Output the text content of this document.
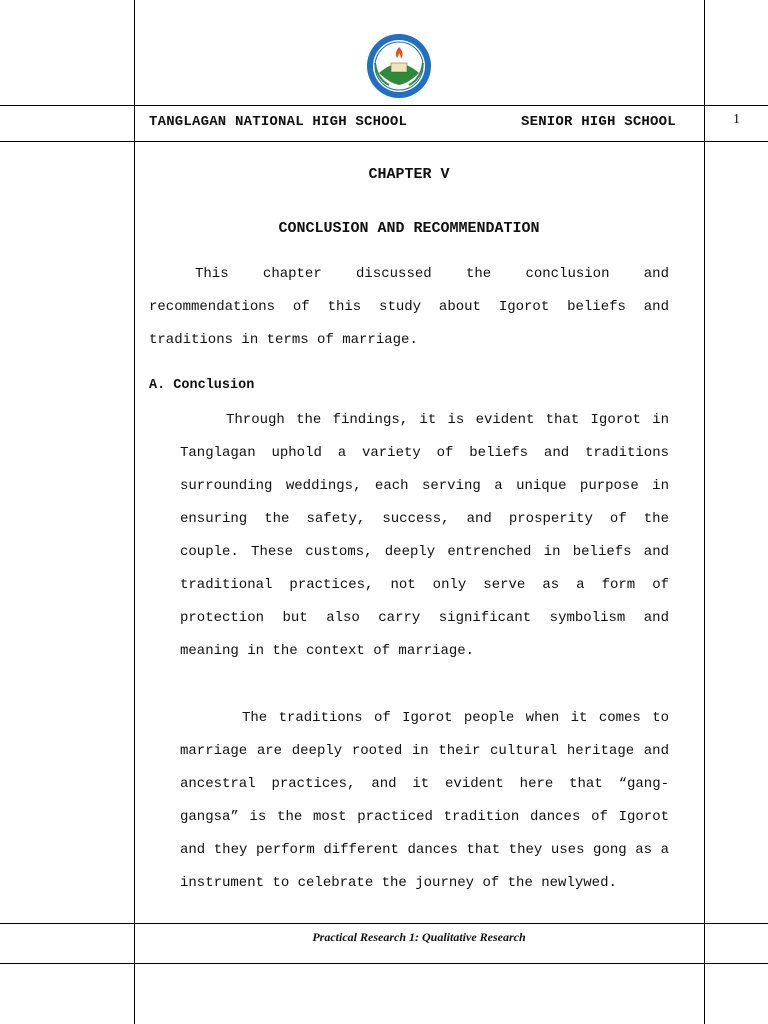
TANGLAGAN NATIONAL HIGH SCHOOL	SENIOR HIGH SCHOOL	1
CHAPTER V
CONCLUSION AND RECOMMENDATION

This chapter discussed the conclusion and recommendations of this study about Igorot beliefs and traditions in terms of marriage.

A. Conclusion

Through the findings, it is evident that Igorot in Tanglagan uphold a variety of beliefs and traditions surrounding weddings, each serving a unique purpose in ensuring the safety, success, and prosperity of the couple. These customs, deeply entrenched in beliefs and traditional practices, not only serve as a form of protection but also carry significant symbolism and meaning in the context of marriage.

The traditions of Igorot people when it comes to marriage are deeply rooted in their cultural heritage and ancestral practices, and it evident here that “gang-gangsa” is the most practiced tradition dances of Igorot and they perform different dances that they uses gong as a instrument to celebrate the journey of the newlywed.

Practical Research 1: Qualitative Research
